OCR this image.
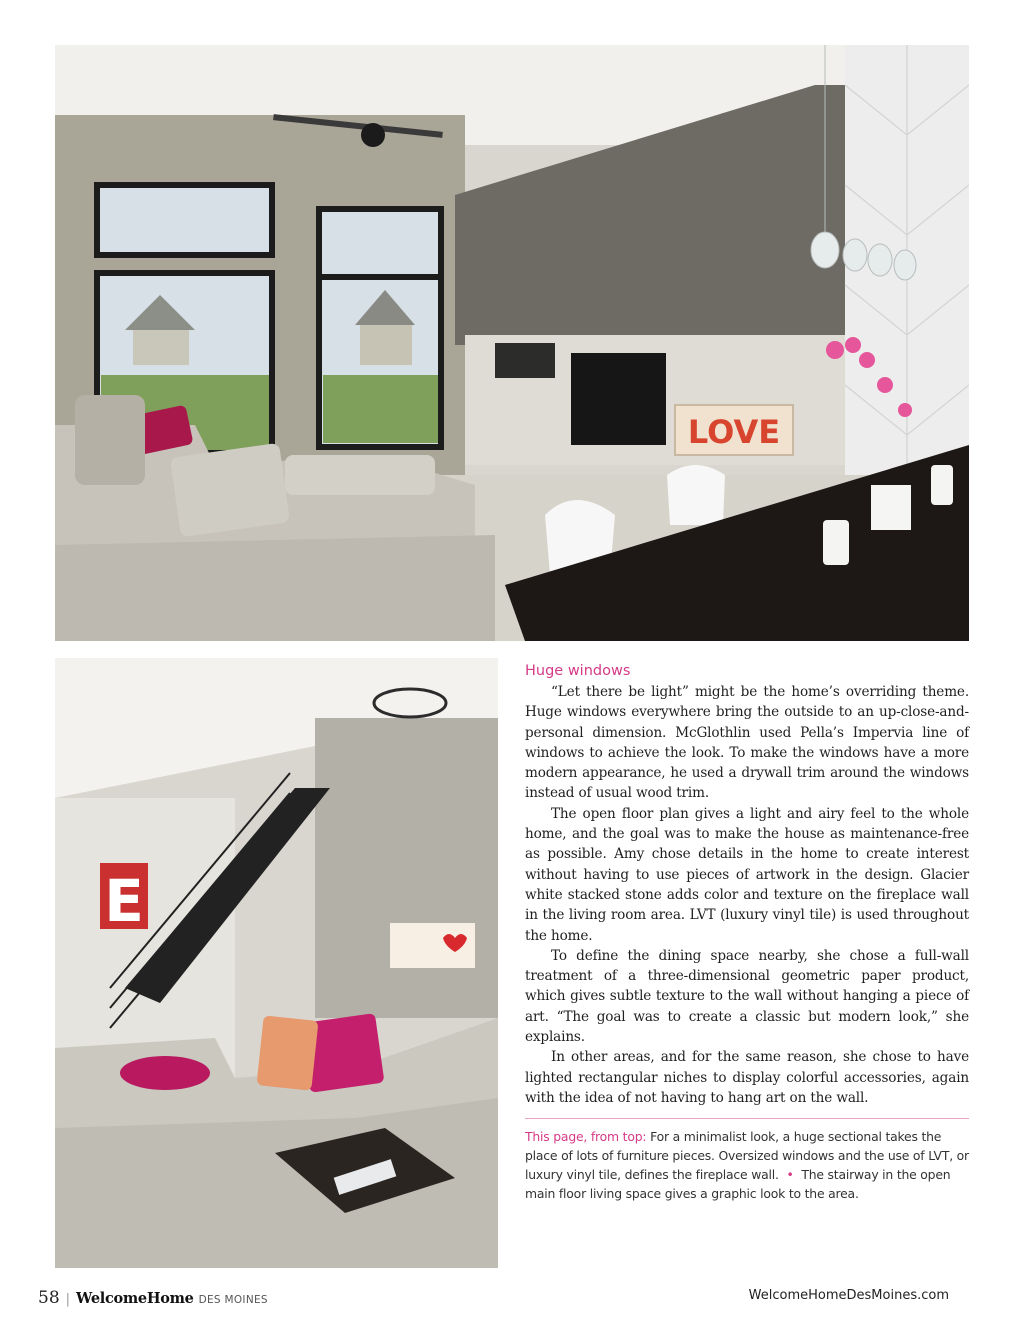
LOVE
E
Huge windows

“Let there be light” might be the home’s overriding theme. Huge windows everywhere bring the outside to an up-close-and-personal dimension. McGlothlin used Pella’s Impervia line of windows to achieve the look. To make the windows have a more modern appearance, he used a drywall trim around the windows instead of usual wood trim.

The open floor plan gives a light and airy feel to the whole home, and the goal was to make the house as maintenance-free as possible. Amy chose details in the home to create interest without having to use pieces of artwork in the design. Glacier white stacked stone adds color and texture on the fireplace wall in the living room area. LVT (luxury vinyl tile) is used throughout the home.

To define the dining space nearby, she chose a full-wall treatment of a three-dimensional geometric paper product, which gives subtle texture to the wall without hanging a piece of art. “The goal was to create a classic but modern look,” she explains.

In other areas, and for the same reason, she chose to have lighted rectangular niches to display colorful accessories, again with the idea of not having to hang art on the wall.

This page, from top: For a minimalist look, a huge sectional takes the place of lots of furniture pieces. Oversized windows and the use of LVT, or luxury vinyl tile, defines the fireplace wall. • The stairway in the open main floor living space gives a graphic look to the area.
58 | WelcomeHome DES MOINES	WelcomeHomeDesMoines.com
